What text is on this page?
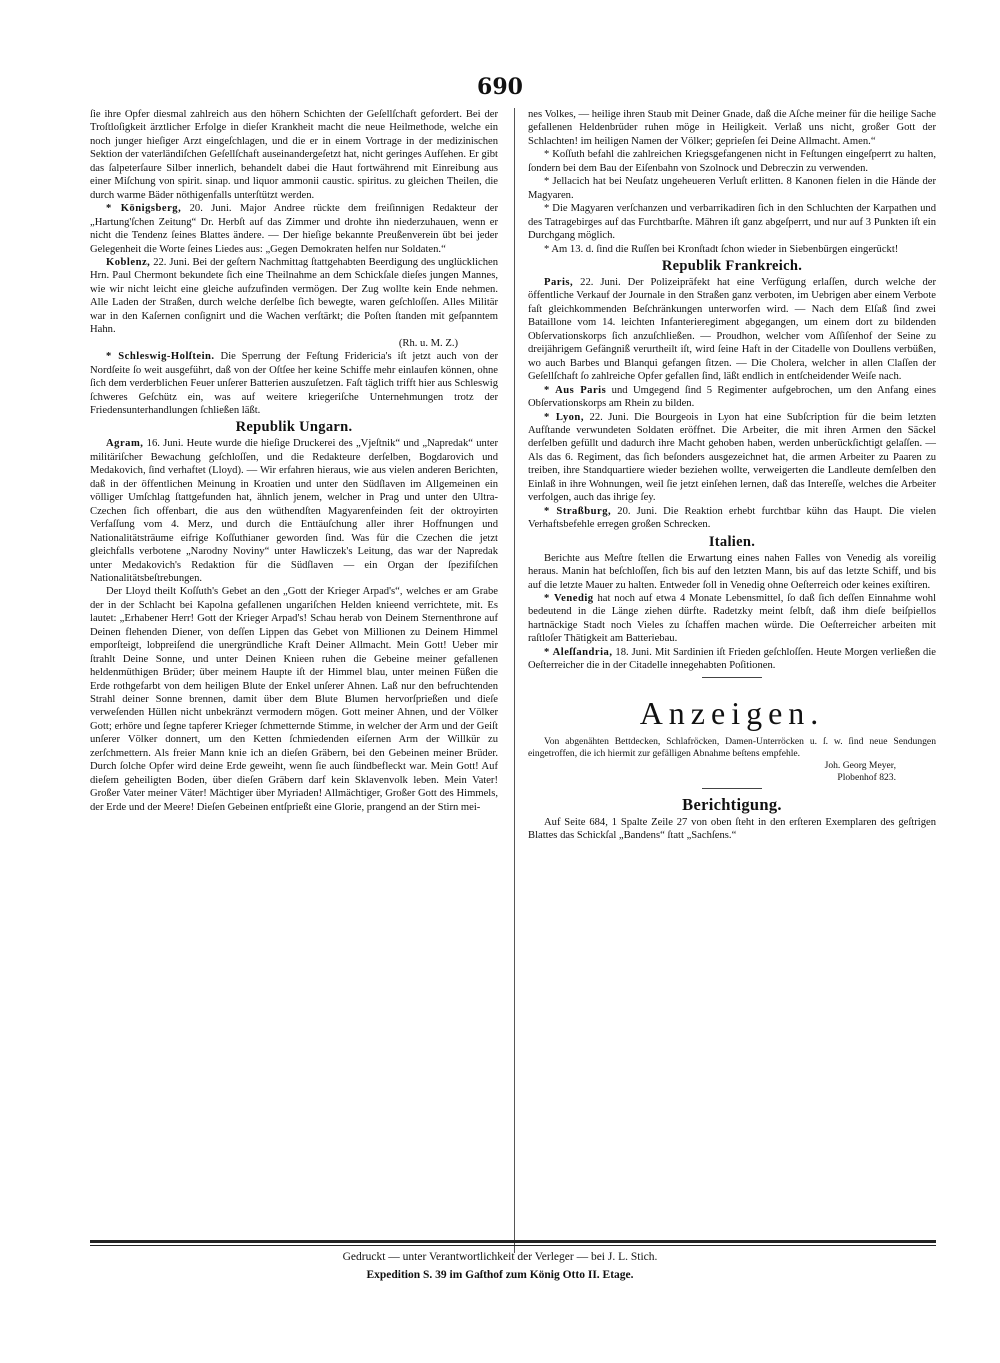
690

ſie ihre Opfer diesmal zahlreich aus den höhern Schichten der Geſellſchaft gefordert. Bei der Troſtloſigkeit ärztlicher Erfolge in dieſer Krankheit macht die neue Heilmethode, welche ein noch junger hieſiger Arzt eingeſchlagen, und die er in einem Vortrage in der medizinischen Sektion der vaterländiſchen Geſellſchaft auseinandergeſetzt hat, nicht geringes Aufſehen. Er gibt das ſalpeterſaure Silber innerlich, behandelt dabei die Haut fortwährend mit Einreibung aus einer Miſchung von spirit. sinap. und liquor ammonii caustic. spiritus. zu gleichen Theilen, die durch warme Bäder nöthigenfalls unterſtützt werden.

* Königsberg, 20. Juni. Major Andree rückte dem freiſinnigen Redakteur der „Hartung'ſchen Zeitung“ Dr. Herbſt auf das Zimmer und drohte ihn niederzuhauen, wenn er nicht die Tendenz ſeines Blattes ändere. — Der hieſige bekannte Preußenverein übt bei jeder Gelegenheit die Worte ſeines Liedes aus: „Gegen Demokraten helfen nur Soldaten.“

Koblenz, 22. Juni. Bei der geſtern Nachmittag ſtattgehabten Beerdigung des unglücklichen Hrn. Paul Chermont bekundete ſich eine Theilnahme an dem Schickſale dieſes jungen Mannes, wie wir nicht leicht eine gleiche aufzufinden vermögen. Der Zug wollte kein Ende nehmen. Alle Laden der Straßen, durch welche derſelbe ſich bewegte, waren geſchloſſen. Alles Militär war in den Kaſernen conſignirt und die Wachen verſtärkt; die Poſten ſtanden mit geſpanntem Hahn.

(Rh. u. M. Z.)

* Schleswig-Holſtein. Die Sperrung der Feſtung Fridericia's iſt jetzt auch von der Nordſeite ſo weit ausgeführt, daß von der Oſtſee her keine Schiffe mehr einlaufen können, ohne ſich dem verderblichen Feuer unſerer Batterien auszuſetzen. Faſt täglich trifft hier aus Schleswig ſchweres Geſchütz ein, was auf weitere kriegeriſche Unternehmungen trotz der Friedensunterhandlungen ſchließen läßt.

Republik Ungarn.

Agram, 16. Juni. Heute wurde die hieſige Druckerei des „Vjeſtnik“ und „Napredak“ unter militäriſcher Bewachung geſchloſſen, und die Redakteure derſelben, Bogdarovich und Medakovich, ſind verhaftet (Lloyd). — Wir erfahren hieraus, wie aus vielen anderen Berichten, daß in der öffentlichen Meinung in Kroatien und unter den Südſlaven im Allgemeinen ein völliger Umſchlag ſtattgefunden hat, ähnlich jenem, welcher in Prag und unter den Ultra-Czechen ſich offenbart, die aus den wüthendſten Magyarenfeinden ſeit der oktroyirten Verfaſſung vom 4. Merz, und durch die Enttäuſchung aller ihrer Hoffnungen und Nationalitätsträume eifrige Koſſuthianer geworden ſind. Was für die Czechen die jetzt gleichfalls verbotene „Narodny Noviny“ unter Hawliczek's Leitung, das war der Napredak unter Medakovich's Redaktion für die Südſlaven — ein Organ der ſpezifiſchen Nationalitätsbeſtrebungen.

Der Lloyd theilt Koſſuth's Gebet an den „Gott der Krieger Arpad's“, welches er am Grabe der in der Schlacht bei Kapolna gefallenen ungariſchen Helden knieend verrichtete, mit. Es lautet: „Erhabener Herr! Gott der Krieger Arpad's! Schau herab von Deinem Sternenthrone auf Deinen flehenden Diener, von deſſen Lippen das Gebet von Millionen zu Deinem Himmel emporſteigt, lobpreiſend die unergründliche Kraft Deiner Allmacht. Mein Gott! Ueber mir ſtrahlt Deine Sonne, und unter Deinen Knieen ruhen die Gebeine meiner gefallenen heldenmüthigen Brüder; über meinem Haupte iſt der Himmel blau, unter meinen Füßen die Erde rothgefarbt von dem heiligen Blute der Enkel unſerer Ahnen. Laß nur den befruchtenden Strahl deiner Sonne brennen, damit über dem Blute Blumen hervorſprießen und dieſe verweſenden Hüllen nicht unbekränzt vermodern mögen. Gott meiner Ahnen, und der Völker Gott; erhöre und ſegne tapferer Krieger ſchmetternde Stimme, in welcher der Arm und der Geiſt unſerer Völker donnert, um den Ketten ſchmiedenden eiſernen Arm der Willkür zu zerſchmettern. Als freier Mann knie ich an dieſen Gräbern, bei den Gebeinen meiner Brüder. Durch ſolche Opfer wird deine Erde geweiht, wenn ſie auch ſündbefleckt war. Mein Gott! Auf dieſem geheiligten Boden, über dieſen Gräbern darf kein Sklavenvolk leben. Mein Vater! Großer Vater meiner Väter! Mächtiger über Myriaden! Allmächtiger, Großer Gott des Himmels, der Erde und der Meere! Dieſen Gebeinen entſprießt eine Glorie, prangend an der Stirn mei-

nes Volkes, — heilige ihren Staub mit Deiner Gnade, daß die Aſche meiner für die heilige Sache gefallenen Heldenbrüder ruhen möge in Heiligkeit. Verlaß uns nicht, großer Gott der Schlachten! im heiligen Namen der Völker; geprieſen ſei Deine Allmacht. Amen.“

* Koſſuth befahl die zahlreichen Kriegsgefangenen nicht in Feſtungen eingeſperrt zu halten, ſondern bei dem Bau der Eiſenbahn von Szolnock und Debreczin zu verwenden.

* Jellacich hat bei Neuſatz ungeheueren Verluſt erlitten. 8 Kanonen fielen in die Hände der Magyaren.

* Die Magyaren verſchanzen und verbarrikadiren ſich in den Schluchten der Karpathen und des Tatragebirges auf das Furchtbarſte. Mähren iſt ganz abgeſperrt, und nur auf 3 Punkten iſt ein Durchgang möglich.

* Am 13. d. ſind die Ruſſen bei Kronſtadt ſchon wieder in Siebenbürgen eingerückt!

Republik Frankreich.

Paris, 22. Juni. Der Polizeipräfekt hat eine Verfügung erlaſſen, durch welche der öffentliche Verkauf der Journale in den Straßen ganz verboten, im Uebrigen aber einem Verbote faſt gleichkommenden Beſchränkungen unterworfen wird. — Nach dem Elſaß ſind zwei Bataillone vom 14. leichten Infanterieregiment abgegangen, um einem dort zu bildenden Obſervationskorps ſich anzuſchließen. — Proudhon, welcher vom Aſſiſenhof der Seine zu dreijährigem Gefängniß verurtheilt iſt, wird ſeine Haft in der Citadelle von Doullens verbüßen, wo auch Barbes und Blanqui gefangen ſitzen. — Die Cholera, welcher in allen Claſſen der Geſellſchaft ſo zahlreiche Opfer gefallen ſind, läßt endlich in entſcheidender Weiſe nach.

* Aus Paris und Umgegend ſind 5 Regimenter aufgebrochen, um den Anfang eines Obſervationskorps am Rhein zu bilden.

* Lyon, 22. Juni. Die Bourgeois in Lyon hat eine Subſcription für die beim letzten Aufſtande verwundeten Soldaten eröffnet. Die Arbeiter, die mit ihren Armen den Säckel derſelben gefüllt und dadurch ihre Macht gehoben haben, werden unberückſichtigt gelaſſen. — Als das 6. Regiment, das ſich beſonders ausgezeichnet hat, die armen Arbeiter zu Paaren zu treiben, ihre Standquartiere wieder beziehen wollte, verweigerten die Landleute demſelben den Einlaß in ihre Wohnungen, weil ſie jetzt einſehen lernen, daß das Intereſſe, welches die Arbeiter verfolgen, auch das ihrige ſey.

* Straßburg, 20. Juni. Die Reaktion erhebt furchtbar kühn das Haupt. Die vielen Verhaftsbefehle erregen großen Schrecken.

Italien.

Berichte aus Meſtre ſtellen die Erwartung eines nahen Falles von Venedig als voreilig heraus. Manin hat beſchloſſen, ſich bis auf den letzten Mann, bis auf das letzte Schiff, und bis auf die letzte Mauer zu halten. Entweder ſoll in Venedig ohne Oeſterreich oder keines exiſtiren.

* Venedig hat noch auf etwa 4 Monate Lebensmittel, ſo daß ſich deſſen Einnahme wohl bedeutend in die Länge ziehen dürfte. Radetzky meint ſelbſt, daß ihm dieſe beiſpiellos hartnäckige Stadt noch Vieles zu ſchaffen machen würde. Die Oeſterreicher arbeiten mit raſtloſer Thätigkeit am Batteriebau.

* Aleſſandria, 18. Juni. Mit Sardinien iſt Frieden geſchloſſen. Heute Morgen verließen die Oeſterreicher die in der Citadelle innegehabten Poſitionen.

Anzeigen.

Von abgenähten Bettdecken, Schlafröcken, Damen-Unterröcken u. ſ. w. ſind neue Sendungen eingetroffen, die ich hiermit zur gefälligen Abnahme beſtens empfehle.

Joh. Georg Meyer,

Plobenhof 823.

Berichtigung.

Auf Seite 684, 1 Spalte Zeile 27 von oben ſteht in den erſteren Exemplaren des geſtrigen Blattes das Schickſal „Bandens“ ſtatt „Sachſens.“

Gedruckt — unter Verantwortlichkeit der Verleger — bei J. L. Stich.
Expedition S. 39 im Gaſthof zum König Otto II. Etage.
